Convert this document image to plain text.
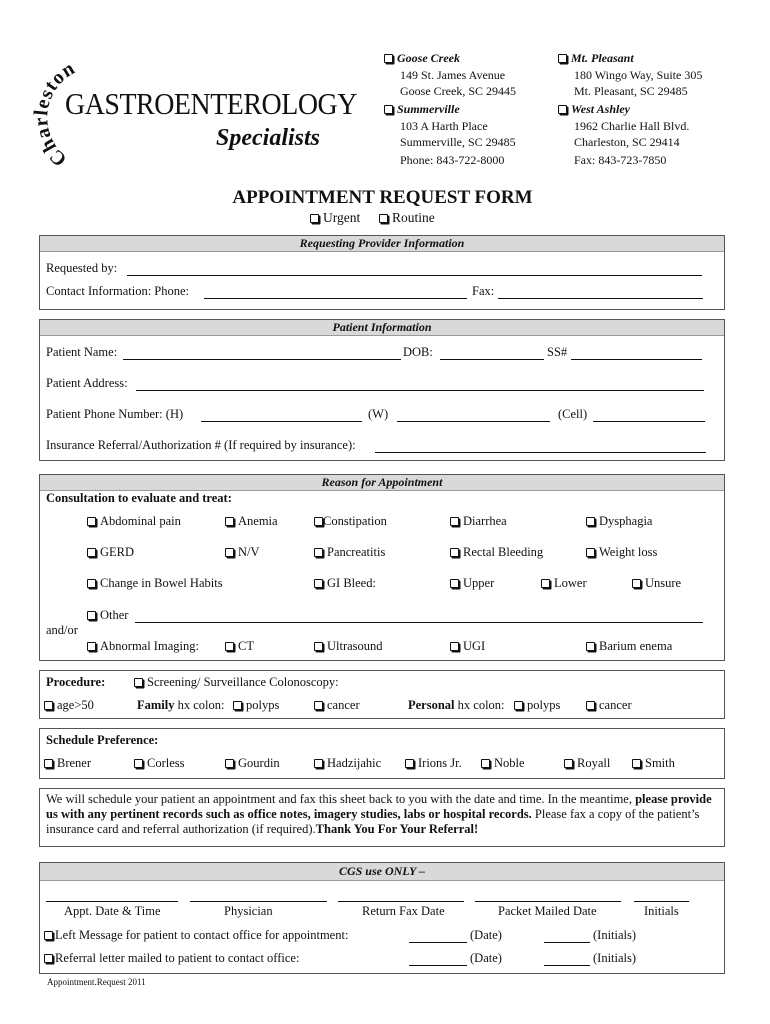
Charleston
GASTROENTEROLOGY
Specialists
Goose Creek
149 St. James Avenue
Goose Creek, SC 29445
Mt. Pleasant
180 Wingo Way, Suite 305
Mt. Pleasant, SC 29485
Summerville
103 A Harth Place
Summerville, SC 29485
West Ashley
1962 Charlie Hall Blvd.
Charleston, SC 29414
Phone: 843-722-8000	Fax: 843-723-7850
APPOINTMENT REQUEST FORM
Urgent Routine
Requesting Provider Information
Requested by:
Contact Information: Phone:	Fax:
Patient Information
Patient Name:	DOB:	SS#
Patient Address:
Patient Phone Number: (H)	(W)	(Cell)
Insurance Referral/Authorization # (If required by insurance):
Reason for Appointment
Consultation to evaluate and treat:
Abdominal pain	Anemia	Constipation	Diarrhea	Dysphagia
GERD	N/V	Pancreatitis	Rectal Bleeding	Weight loss
Change in Bowel Habits	GI Bleed:	Upper	Lower	Unsure
Other
and/or
Abnormal Imaging:	CT	Ultrasound	UGI	Barium enema
Procedure:	Screening/ Surveillance Colonoscopy:
age>50	Family hx colon:	polyps	cancer	Personal hx colon:	polyps	cancer
Schedule Preference:
Brener	Corless	Gourdin	Hadzijahic	Irions Jr.	Noble	Royall	Smith
We will schedule your patient an appointment and fax this sheet back to you with the date and time. In the meantime, please provide us with any pertinent records such as office notes, imagery studies, labs or hospital records. Please fax a copy of the patient’s insurance card and referral authorization (if required).Thank You For Your Referral!
CGS use ONLY –
Appt. Date & Time	Physician	Return Fax Date	Packet Mailed Date	Initials
Left Message for patient to contact office for appointment:	(Date)	(Initials)
Referral letter mailed to patient to contact office:	(Date)	(Initials)
Appointment.Request 2011
